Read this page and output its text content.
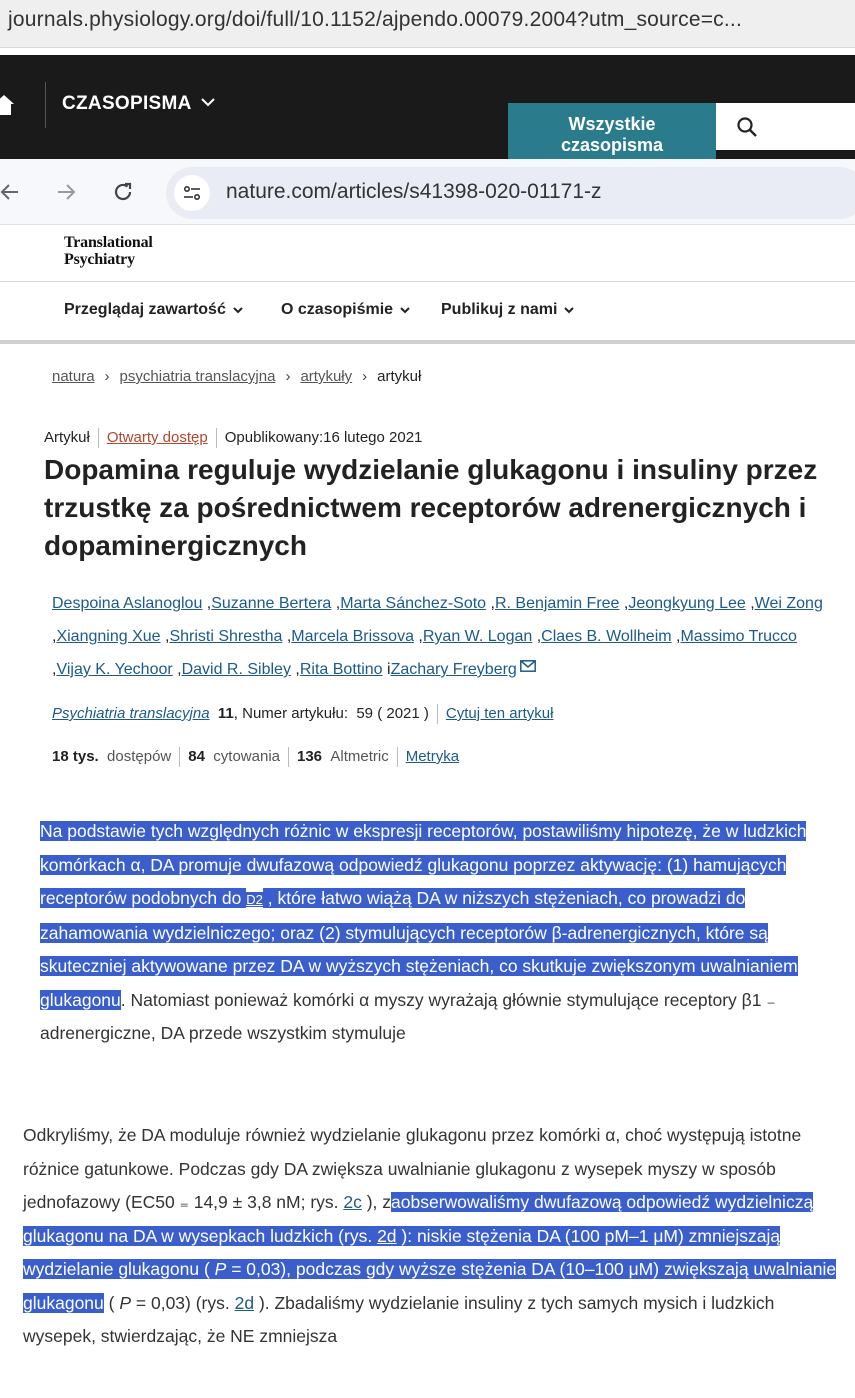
journals.physiology.org/doi/full/10.1152/ajpendo.00079.2004?utm_source=c...
CZASOPISMA
Wszystkie
czasopisma
nature.com/articles/s41398-020-01171-z
Translational
Psychiatry
Przeglądaj zawartość	O czasopiśmie	Publikuj z nami
natura › psychiatria translacyjna › artykuły › artykuł
Artykuł Otwarty dostęp Opublikowany:16 lutego 2021
Dopamina reguluje wydzielanie glukagonu i insuliny przez trzustkę za pośrednictwem receptorów adrenergicznych i dopaminergicznych
Despoina Aslanoglou ,Suzanne Bertera ,Marta Sánchez-Soto ,R. Benjamin Free ,Jeongkyung Lee ,Wei Zong
,Xiangning Xue ,Shristi Shrestha ,Marcela Brissova ,Ryan W. Logan ,Claes B. Wollheim ,Massimo Trucco
,Vijay K. Yechoor ,David R. Sibley ,Rita Bottino iZachary Freyberg
Psychiatria translacyjna 11, Numer artykułu:  59 ( 2021 ) Cytuj ten artykuł
18 tys. dostępów 84 cytowania 136 Altmetric Metryka

Na podstawie tych względnych różnic w ekspresji receptorów, postawiliśmy hipotezę, że w ludzkich komórkach α, DA promuje dwufazową odpowiedź glukagonu poprzez aktywację: (1) hamujących receptorów podobnych do D2 , które łatwo wiążą DA w niższych stężeniach, co prowadzi do zahamowania wydzielniczego; oraz (2) stymulujących receptorów β-adrenergicznych, które są skuteczniej aktywowane przez DA w wyższych stężeniach, co skutkuje zwiększonym uwalnianiem glukagonu. Natomiast ponieważ komórki α myszy wyrażają głównie stymulujące receptory β1 ₋ adrenergiczne, DA przede wszystkim stymuluje

Odkryliśmy, że DA moduluje również wydzielanie glukagonu przez komórki α, choć występują istotne różnice gatunkowe. Podczas gdy DA zwiększa uwalnianie glukagonu z wysepek myszy w sposób jednofazowy (EC50 ₌ 14,9 ± 3,8 nM; rys. 2c ), zaobserwowaliśmy dwufazową odpowiedź wydzielniczą glukagonu na DA w wysepkach ludzkich (rys. 2d ): niskie stężenia DA (100 pM–1 μM) zmniejszają wydzielanie glukagonu ( P = 0,03), podczas gdy wyższe stężenia DA (10–100 μM) zwiększają uwalnianie glukagonu ( P = 0,03) (rys. 2d ). Zbadaliśmy wydzielanie insuliny z tych samych mysich i ludzkich wysepek, stwierdzając, że NE zmniejsza
